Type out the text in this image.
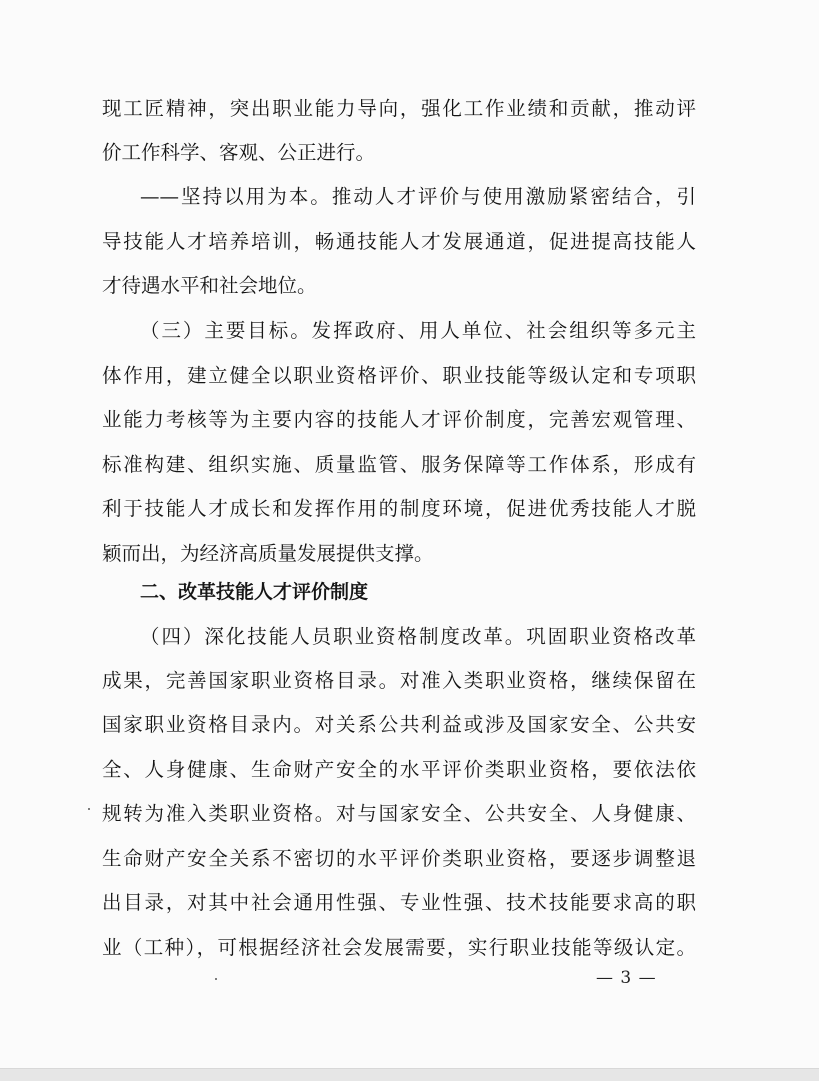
现工匠精神，突出职业能力导向，强化工作业绩和贡献，推动评
价工作科学、客观、公正进行。
——坚持以用为本。推动人才评价与使用激励紧密结合，引
导技能人才培养培训，畅通技能人才发展通道，促进提高技能人
才待遇水平和社会地位。
（三）主要目标。发挥政府、用人单位、社会组织等多元主
体作用，建立健全以职业资格评价、职业技能等级认定和专项职
业能力考核等为主要内容的技能人才评价制度，完善宏观管理、
标准构建、组织实施、质量监管、服务保障等工作体系，形成有
利于技能人才成长和发挥作用的制度环境，促进优秀技能人才脱
颖而出，为经济高质量发展提供支撑。
二、改革技能人才评价制度
（四）深化技能人员职业资格制度改革。巩固职业资格改革
成果，完善国家职业资格目录。对准入类职业资格，继续保留在
国家职业资格目录内。对关系公共利益或涉及国家安全、公共安
全、人身健康、生命财产安全的水平评价类职业资格，要依法依
规转为准入类职业资格。对与国家安全、公共安全、人身健康、
生命财产安全关系不密切的水平评价类职业资格，要逐步调整退
出目录，对其中社会通用性强、专业性强、技术技能要求高的职
业（工种），可根据经济社会发展需要，实行职业技能等级认定。
— 3 —
